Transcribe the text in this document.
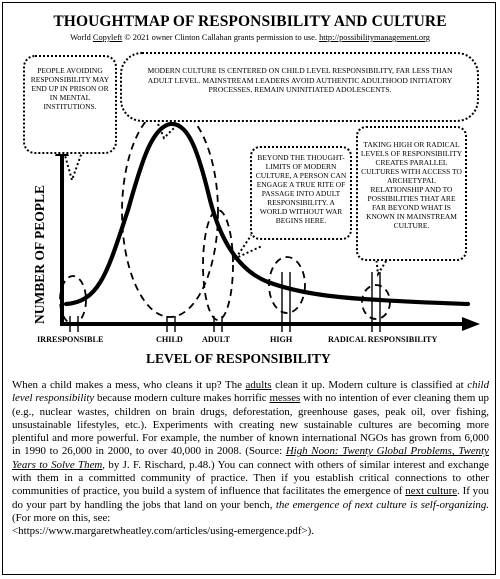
THOUGHTMAP OF RESPONSIBILITY AND CULTURE
World Copyleft © 2021 owner Clinton Callahan grants permission to use. http://possibilitymanagement.org
PEOPLE AVOIDING RESPONSIBILITY MAY END UP IN PRISON OR IN MENTAL INSTITUTIONS.
MODERN CULTURE IS CENTERED ON CHILD LEVEL RESPONSIBILITY, FAR LESS THAN ADULT LEVEL. MAINSTREAM LEADERS AVOID AUTHENTIC ADULTHOOD INITIATORY PROCESSES, REMAIN UNINITIATED ADOLESCENTS.
BEYOND THE THOUGHT-LIMITS OF MODERN CULTURE, A PERSON CAN ENGAGE A TRUE RITE OF PASSAGE INTO ADULT RESPONSIBILITY. A WORLD WITHOUT WAR BEGINS HERE.
TAKING HIGH OR RADICAL LEVELS OF RESPONSIBILITY CREATES PARALLEL CULTURES WITH ACCESS TO ARCHETYPAL RELATIONSHIP AND TO POSSIBILITIES THAT ARE FAR BEYOND WHAT IS KNOWN IN MAINSTREAM CULTURE.
NUMBER OF PEOPLE
LEVEL OF RESPONSIBILITY
IRRESPONSIBLE	CHILD ADULT	HIGH	RADICAL RESPONSIBILITY
When a child makes a mess, who cleans it up? The adults clean it up. Modern culture is classified at child level responsibility because modern culture makes horrific messes with no intention of ever cleaning them up (e.g., nuclear wastes, children on brain drugs, deforestation, greenhouse gases, peak oil, over fishing, unsustainable lifestyles, etc.). Experiments with creating new sustainable cultures are becoming more plentiful and more powerful. For example, the number of known international NGOs has grown from 6,000 in 1990 to 26,000 in 2000, to over 40,000 in 2008. (Source: High Noon: Twenty Global Problems, Twenty Years to Solve Them, by J. F. Rischard, p.48.) You can connect with others of similar interest and exchange with them in a committed community of practice. Then if you establish critical connections to other communities of practice, you build a system of influence that facilitates the emergence of next culture. If you do your part by handling the jobs that land on your bench, the emergence of next culture is self-organizing. (For more on this, see:
<https://www.margaretwheatley.com/articles/using-emergence.pdf>).
